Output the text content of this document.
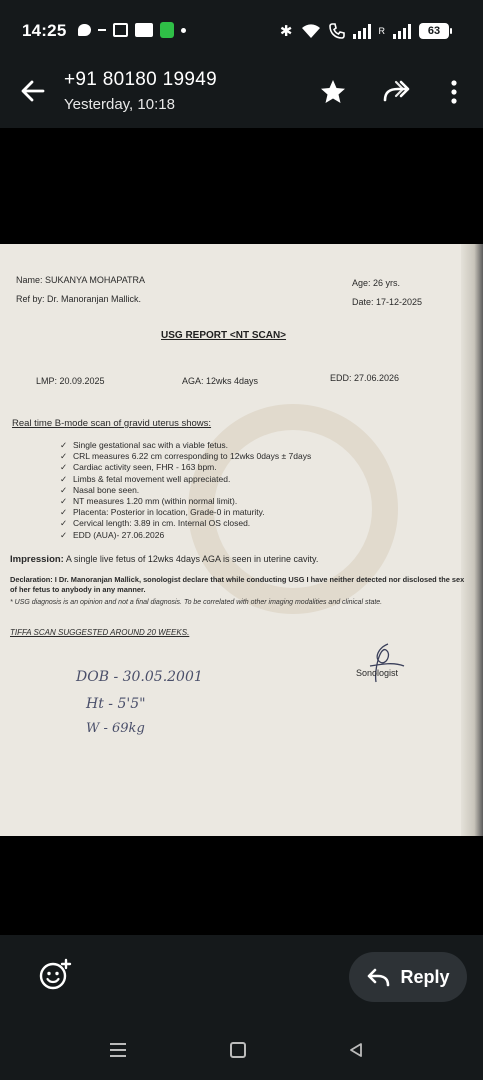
14:25	✱	R	63
+91 80180 19949
Yesterday, 10:18
Name: SUKANYA MOHAPATRA
Ref by: Dr. Manoranjan Mallick.
Age: 26 yrs.
Date: 17-12-2025
USG REPORT <NT SCAN>
LMP: 20.09.2025	AGA: 12wks 4days	EDD: 27.06.2026
Real time B-mode scan of gravid uterus shows:
✓ Single gestational sac with a viable fetus.
✓ CRL measures 6.22 cm corresponding to 12wks 0days ± 7days
✓ Cardiac activity seen, FHR - 163 bpm.
✓ Limbs & fetal movement well appreciated.
✓ Nasal bone seen.
✓ NT measures 1.20 mm (within normal limit).
✓ Placenta: Posterior in location, Grade-0 in maturity.
✓ Cervical length: 3.89 in cm. Internal OS closed.
✓ EDD (AUA)- 27.06.2026
Impression: A single live fetus of 12wks 4days AGA is seen in uterine cavity.
Declaration: I Dr. Manoranjan Mallick, sonologist declare that while conducting USG I have neither detected nor disclosed the sex of her fetus to anybody in any manner.
* USG diagnosis is an opinion and not a final diagnosis. To be correlated with other imaging modalities and clinical state.
TIFFA SCAN SUGGESTED AROUND 20 WEEKS.
Sonologist
DOB - 30.05.2001
Ht - 5'5"
W - 69kg
Reply
